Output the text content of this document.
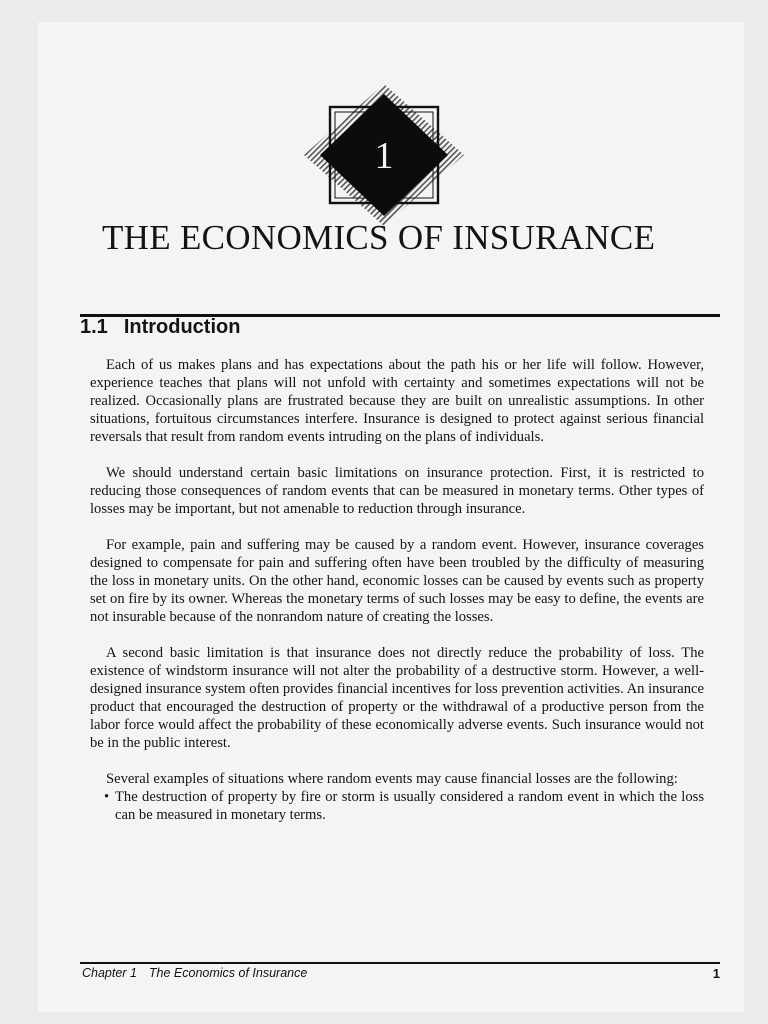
1
THE ECONOMICS OF INSURANCE
1.1 Introduction

Each of us makes plans and has expectations about the path his or her life will follow. However, experience teaches that plans will not unfold with certainty and sometimes expectations will not be realized. Occasionally plans are frustrated because they are built on unrealistic assumptions. In other situations, fortuitous circumstances interfere. Insurance is designed to protect against serious financial reversals that result from random events intruding on the plans of individuals.

We should understand certain basic limitations on insurance protection. First, it is restricted to reducing those consequences of random events that can be measured in monetary terms. Other types of losses may be important, but not amenable to reduction through insurance.

For example, pain and suffering may be caused by a random event. However, insurance coverages designed to compensate for pain and suffering often have been troubled by the difficulty of measuring the loss in monetary units. On the other hand, economic losses can be caused by events such as property set on fire by its owner. Whereas the monetary terms of such losses may be easy to define, the events are not insurable because of the nonrandom nature of creating the losses.

A second basic limitation is that insurance does not directly reduce the probability of loss. The existence of windstorm insurance will not alter the probability of a destructive storm. However, a well-designed insurance system often provides financial incentives for loss prevention activities. An insurance product that encouraged the destruction of property or the withdrawal of a productive person from the labor force would affect the probability of these economically adverse events. Such insurance would not be in the public interest.

Several examples of situations where random events may cause financial losses are the following:

• The destruction of property by fire or storm is usually considered a random event in which the loss can be measured in monetary terms.
Chapter 1 The Economics of Insurance	1
